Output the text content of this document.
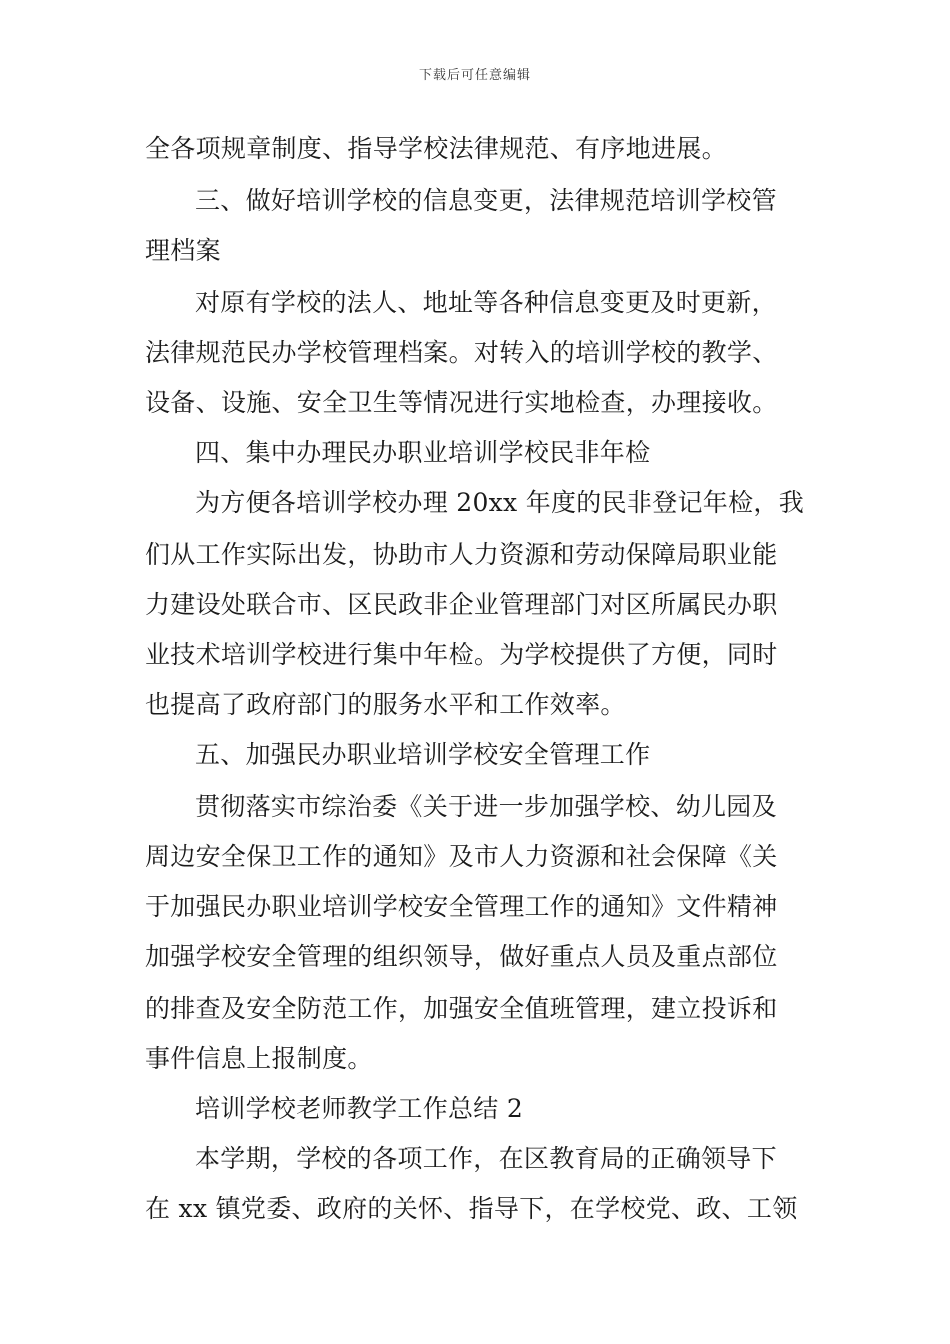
下载后可任意编辑
全各项规章制度、指导学校法律规范、有序地进展。
三、做好培训学校的信息变更，法律规范培训学校管
理档案
对原有学校的法人、地址等各种信息变更及时更新，
法律规范民办学校管理档案。对转入的培训学校的教学、
设备、设施、安全卫生等情况进行实地检查，办理接收。
四、集中办理民办职业培训学校民非年检
为方便各培训学校办理 20xx 年度的民非登记年检，我
们从工作实际出发，协助市人力资源和劳动保障局职业能
力建设处联合市、区民政非企业管理部门对区所属民办职
业技术培训学校进行集中年检。为学校提供了方便，同时
也提高了政府部门的服务水平和工作效率。
五、加强民办职业培训学校安全管理工作
贯彻落实市综治委《关于进一步加强学校、幼儿园及
周边安全保卫工作的通知》及市人力资源和社会保障《关
于加强民办职业培训学校安全管理工作的通知》文件精神
加强学校安全管理的组织领导，做好重点人员及重点部位
的排查及安全防范工作，加强安全值班管理，建立投诉和
事件信息上报制度。
培训学校老师教学工作总结 2
本学期，学校的各项工作，在区教育局的正确领导下
在 xx 镇党委、政府的关怀、指导下，在学校党、政、工领
